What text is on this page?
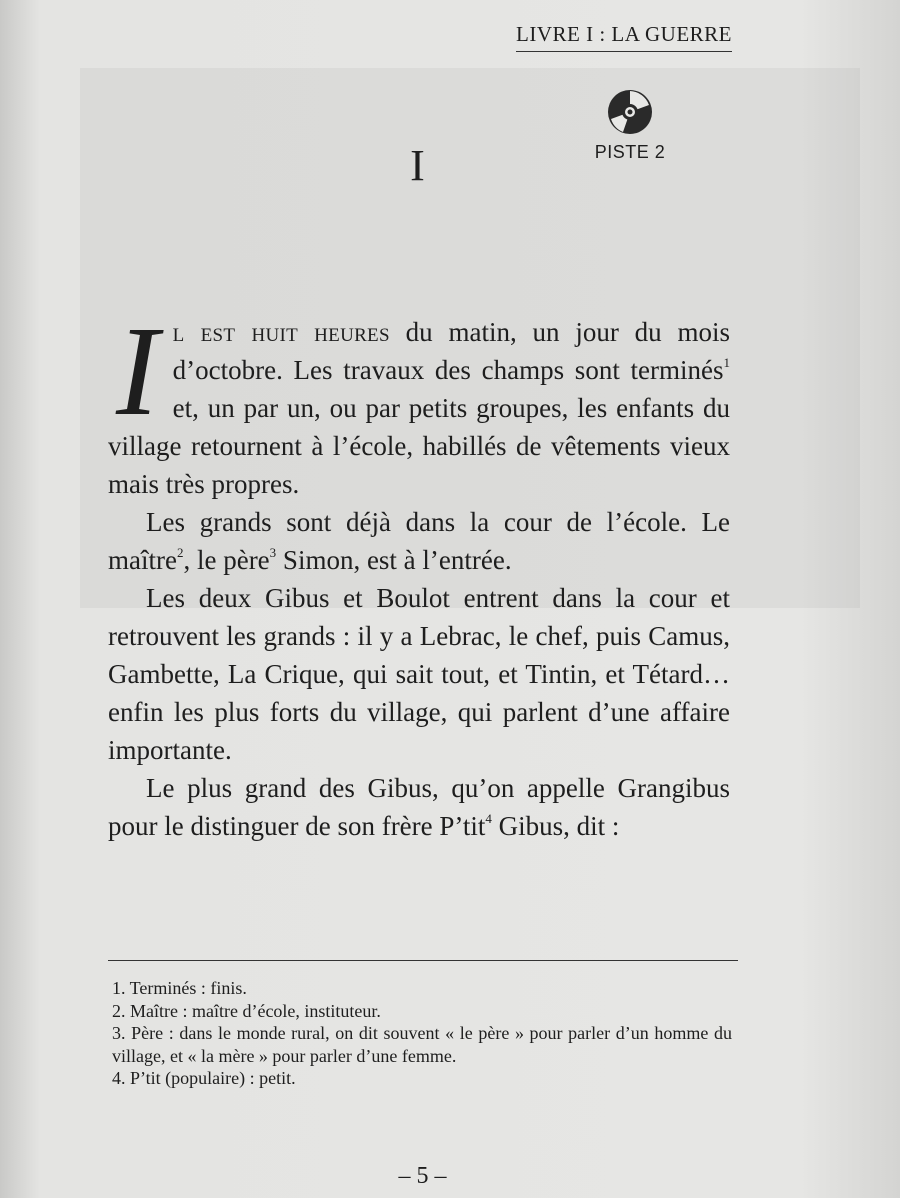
LIVRE I : LA GUERRE
PISTE 2
I

Il est huit heures du matin, un jour du mois d’octobre. Les travaux des champs sont terminés$^1$ et, un par un, ou par petits groupes, les enfants du village retournent à l’école, habillés de vêtements vieux mais très propres.

Les grands sont déjà dans la cour de l’école. Le maître$^2$, le père$^3$ Simon, est à l’entrée.

Les deux Gibus et Boulot entrent dans la cour et retrouvent les grands : il y a Lebrac, le chef, puis Camus, Gambette, La Crique, qui sait tout, et Tintin, et Tétard… enfin les plus forts du village, qui parlent d’une affaire importante.

Le plus grand des Gibus, qu’on appelle Grangibus pour le distinguer de son frère P’tit$^4$ Gibus, dit :

1. Terminés : finis.
2. Maître : maître d’école, instituteur.
3. Père : dans le monde rural, on dit souvent « le père » pour parler d’un homme du village, et « la mère » pour parler d’une femme.
4. P’tit (populaire) : petit.
– 5 –
